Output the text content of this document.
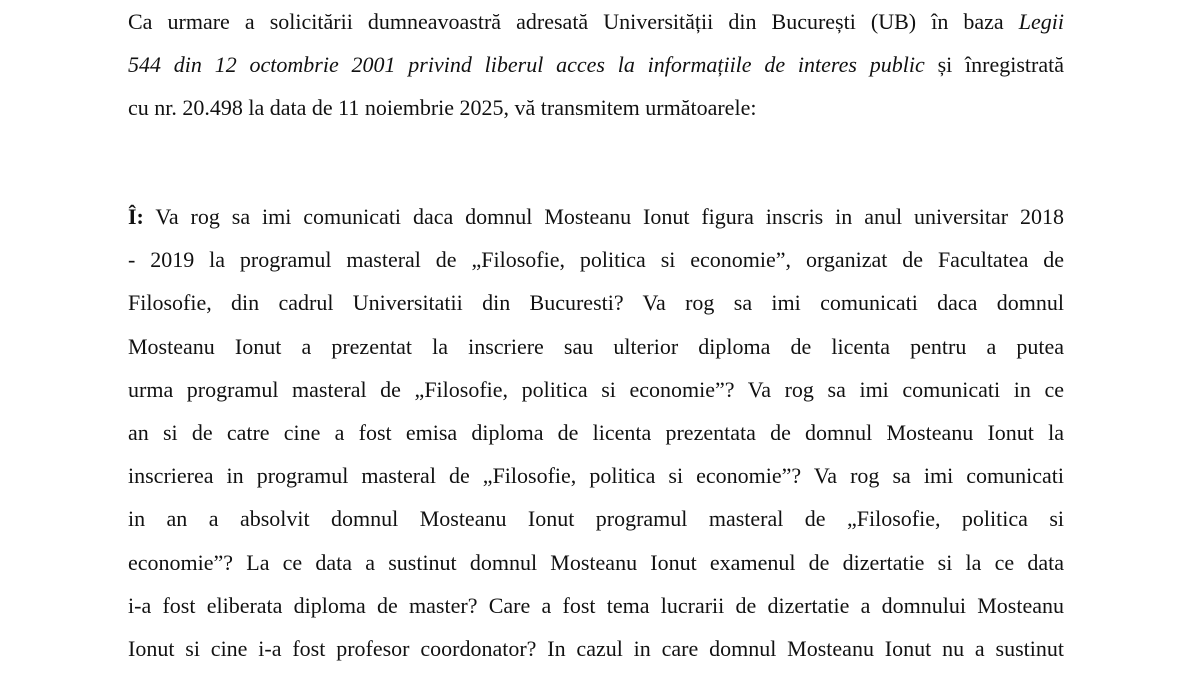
Ca urmare a solicitării dumneavoastră adresată Universității din București (UB) în baza Legii
544 din 12 octombrie 2001 privind liberul acces la informațiile de interes public și înregistrată
cu nr. 20.498 la data de 11 noiembrie 2025, vă transmitem următoarele:
Î: Va rog sa imi comunicati daca domnul Mosteanu Ionut figura inscris in anul universitar 2018
- 2019 la programul masteral de „Filosofie, politica si economie”, organizat de Facultatea de
Filosofie, din cadrul Universitatii din Bucuresti? Va rog sa imi comunicati daca domnul
Mosteanu Ionut a prezentat la inscriere sau ulterior diploma de licenta pentru a putea
urma programul masteral de „Filosofie, politica si economie”? Va rog sa imi comunicati in ce
an si de catre cine a fost emisa diploma de licenta prezentata de domnul Mosteanu Ionut la
inscrierea in programul masteral de „Filosofie, politica si economie”? Va rog sa imi comunicati
in an a absolvit domnul Mosteanu Ionut programul masteral de „Filosofie, politica si
economie”? La ce data a sustinut domnul Mosteanu Ionut examenul de dizertatie si la ce data
i-a fost eliberata diploma de master? Care a fost tema lucrarii de dizertatie a domnului Mosteanu
Ionut si cine i-a fost profesor coordonator? In cazul in care domnul Mosteanu Ionut nu a sustinut
